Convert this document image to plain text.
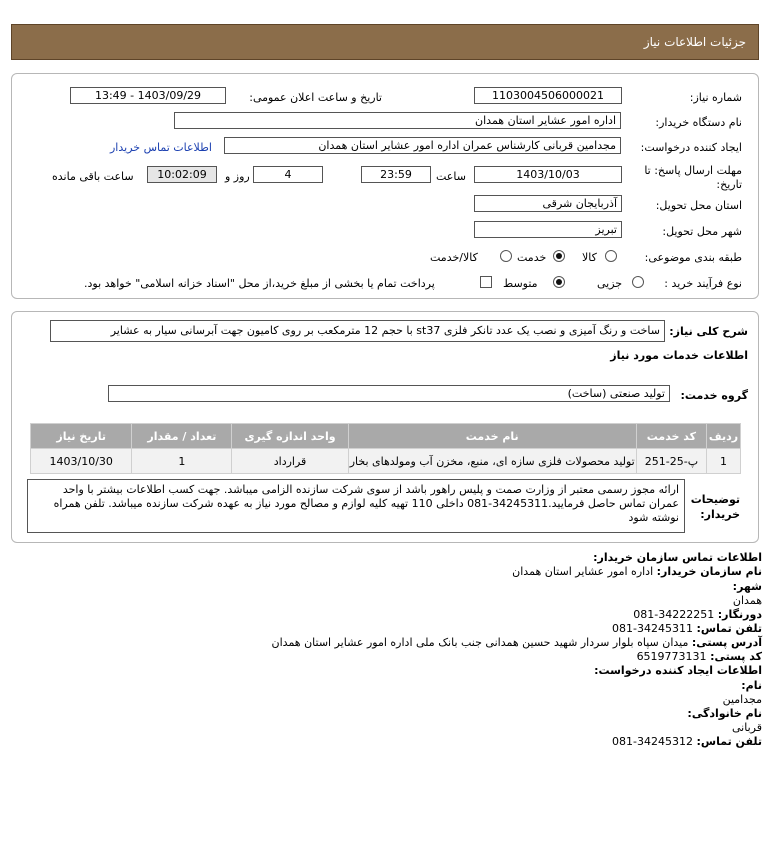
جزئیات اطلاعات نیاز
شماره نیاز:
1103004506000021
تاریخ و ساعت اعلان عمومی:
1403/09/29 - 13:49
نام دستگاه خریدار:
اداره امور عشایر استان همدان
ایجاد کننده درخواست:
مجدامین قربانی کارشناس عمران اداره امور عشایر استان همدان
اطلاعات تماس خریدار
مهلت ارسال پاسخ: تا
تاریخ:
1403/10/03
ساعت
23:59
4
روز و
10:02:09
ساعت باقی مانده
استان محل تحویل:
آذربایجان شرقی
شهر محل تحویل:
تبریز
طبقه بندی موضوعی:
کالا
خدمت
کالا/خدمت
نوع فرآیند خرید :
جزیی
متوسط
پرداخت تمام یا بخشی از مبلغ خرید،از محل "اسناد خزانه اسلامی" خواهد بود.
شرح کلی نیاز:
ساخت و رنگ آمیزی و نصب یک عدد تانکر فلزی st37 با حجم 12 مترمکعب بر روی کامیون جهت آبرسانی سیار به عشایر
اطلاعات خدمات مورد نیاز
گروه خدمت:
تولید صنعتی (ساخت)
ردیف	کد خدمت	نام خدمت	واحد اندازه گیری	تعداد / مقدار	تاریخ نیاز
1	پ-25-251	تولید محصولات فلزی سازه ای، منبع، مخزن آب ومولدهای بخار	قرارداد	1	1403/10/30
توضیحات
خریدار:
ارائه مجوز رسمی معتبر از وزارت صمت و پلیس راهور باشد از سوی شرکت سازنده الزامی میباشد. جهت کسب اطلاعات بیشتر با واحد عمران تماس حاصل فرمایید.34245311-081 داخلی 110 تهیه کلیه لوازم و مصالح مورد نیاز به عهده شرکت سازنده میباشد. تلفن همراه نوشته شود
اطلاعات تماس سازمان خریدار:
نام سازمان خریدار: اداره امور عشایر استان همدان
شهر:
همدان
دورنگار: 34222251-081
تلفن تماس: 34245311-081
آدرس پستی: میدان سپاه بلوار سردار شهید حسین همدانی جنب بانک ملی اداره امور عشایر استان همدان
کد پستی: 6519773131
اطلاعات ایجاد کننده درخواست:
نام:
مجدامین
نام خانوادگی:
قربانی
تلفن تماس: 34245312-081
